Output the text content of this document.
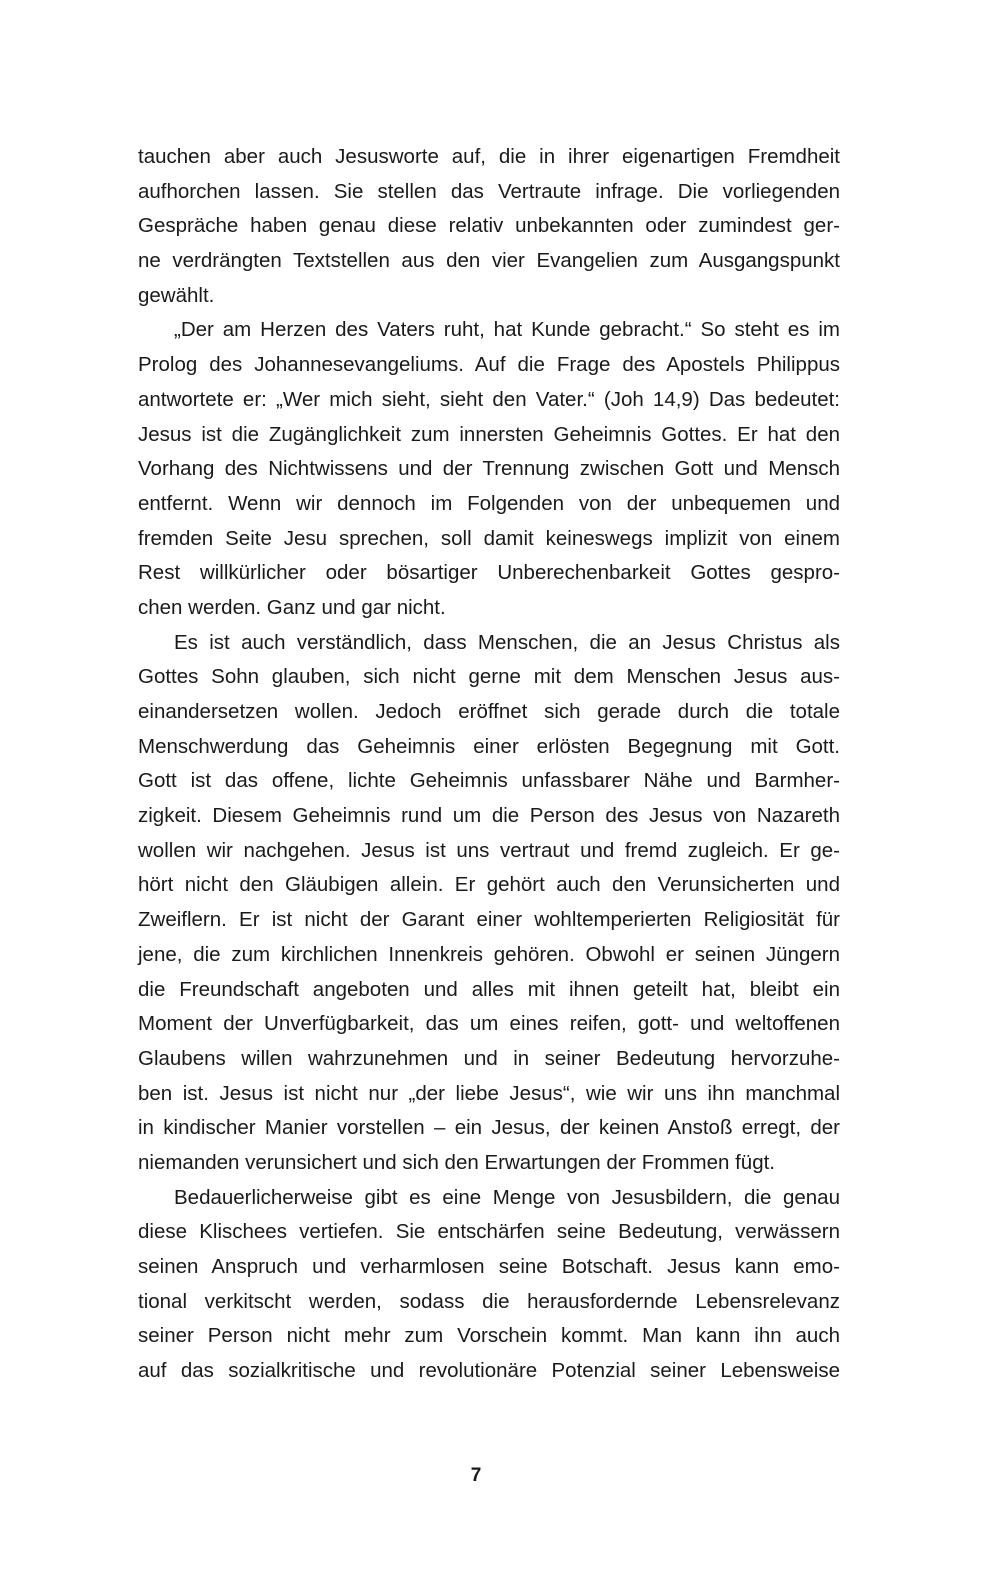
tauchen aber auch Jesusworte auf, die in ihrer eigenartigen Fremdheit
aufhorchen lassen. Sie stellen das Vertraute infrage. Die vorliegenden
Gespräche haben genau diese relativ unbekannten oder zumindest ger-
ne verdrängten Textstellen aus den vier Evangelien zum Ausgangspunkt
gewählt.
„Der am Herzen des Vaters ruht, hat Kunde gebracht.“ So steht es im
Prolog des Johannesevangeliums. Auf die Frage des Apostels Philippus
antwortete er: „Wer mich sieht, sieht den Vater.“ (Joh 14,9) Das bedeutet:
Jesus ist die Zugänglichkeit zum innersten Geheimnis Gottes. Er hat den
Vorhang des Nichtwissens und der Trennung zwischen Gott und Mensch
entfernt. Wenn wir dennoch im Folgenden von der unbequemen und
fremden Seite Jesu sprechen, soll damit keineswegs implizit von einem
Rest willkürlicher oder bösartiger Unberechenbarkeit Gottes gespro-
chen werden. Ganz und gar nicht.
Es ist auch verständlich, dass Menschen, die an Jesus Christus als
Gottes Sohn glauben, sich nicht gerne mit dem Menschen Jesus aus-
einandersetzen wollen. Jedoch eröffnet sich gerade durch die totale
Menschwerdung das Geheimnis einer erlösten Begegnung mit Gott.
Gott ist das offene, lichte Geheimnis unfassbarer Nähe und Barmher-
zigkeit. Diesem Geheimnis rund um die Person des Jesus von Nazareth
wollen wir nachgehen. Jesus ist uns vertraut und fremd zugleich. Er ge-
hört nicht den Gläubigen allein. Er gehört auch den Verunsicherten und
Zweiflern. Er ist nicht der Garant einer wohltemperierten Religiosität für
jene, die zum kirchlichen Innenkreis gehören. Obwohl er seinen Jüngern
die Freundschaft angeboten und alles mit ihnen geteilt hat, bleibt ein
Moment der Unverfügbarkeit, das um eines reifen, gott- und weltoffenen
Glaubens willen wahrzunehmen und in seiner Bedeutung hervorzuhe-
ben ist. Jesus ist nicht nur „der liebe Jesus“, wie wir uns ihn manchmal
in kindischer Manier vorstellen – ein Jesus, der keinen Anstoß erregt, der
niemanden verunsichert und sich den Erwartungen der Frommen fügt.
Bedauerlicherweise gibt es eine Menge von Jesusbildern, die genau
diese Klischees vertiefen. Sie entschärfen seine Bedeutung, verwässern
seinen Anspruch und verharmlosen seine Botschaft. Jesus kann emo-
tional verkitscht werden, sodass die herausfordernde Lebensrelevanz
seiner Person nicht mehr zum Vorschein kommt. Man kann ihn auch
auf das sozialkritische und revolutionäre Potenzial seiner Lebensweise
7
